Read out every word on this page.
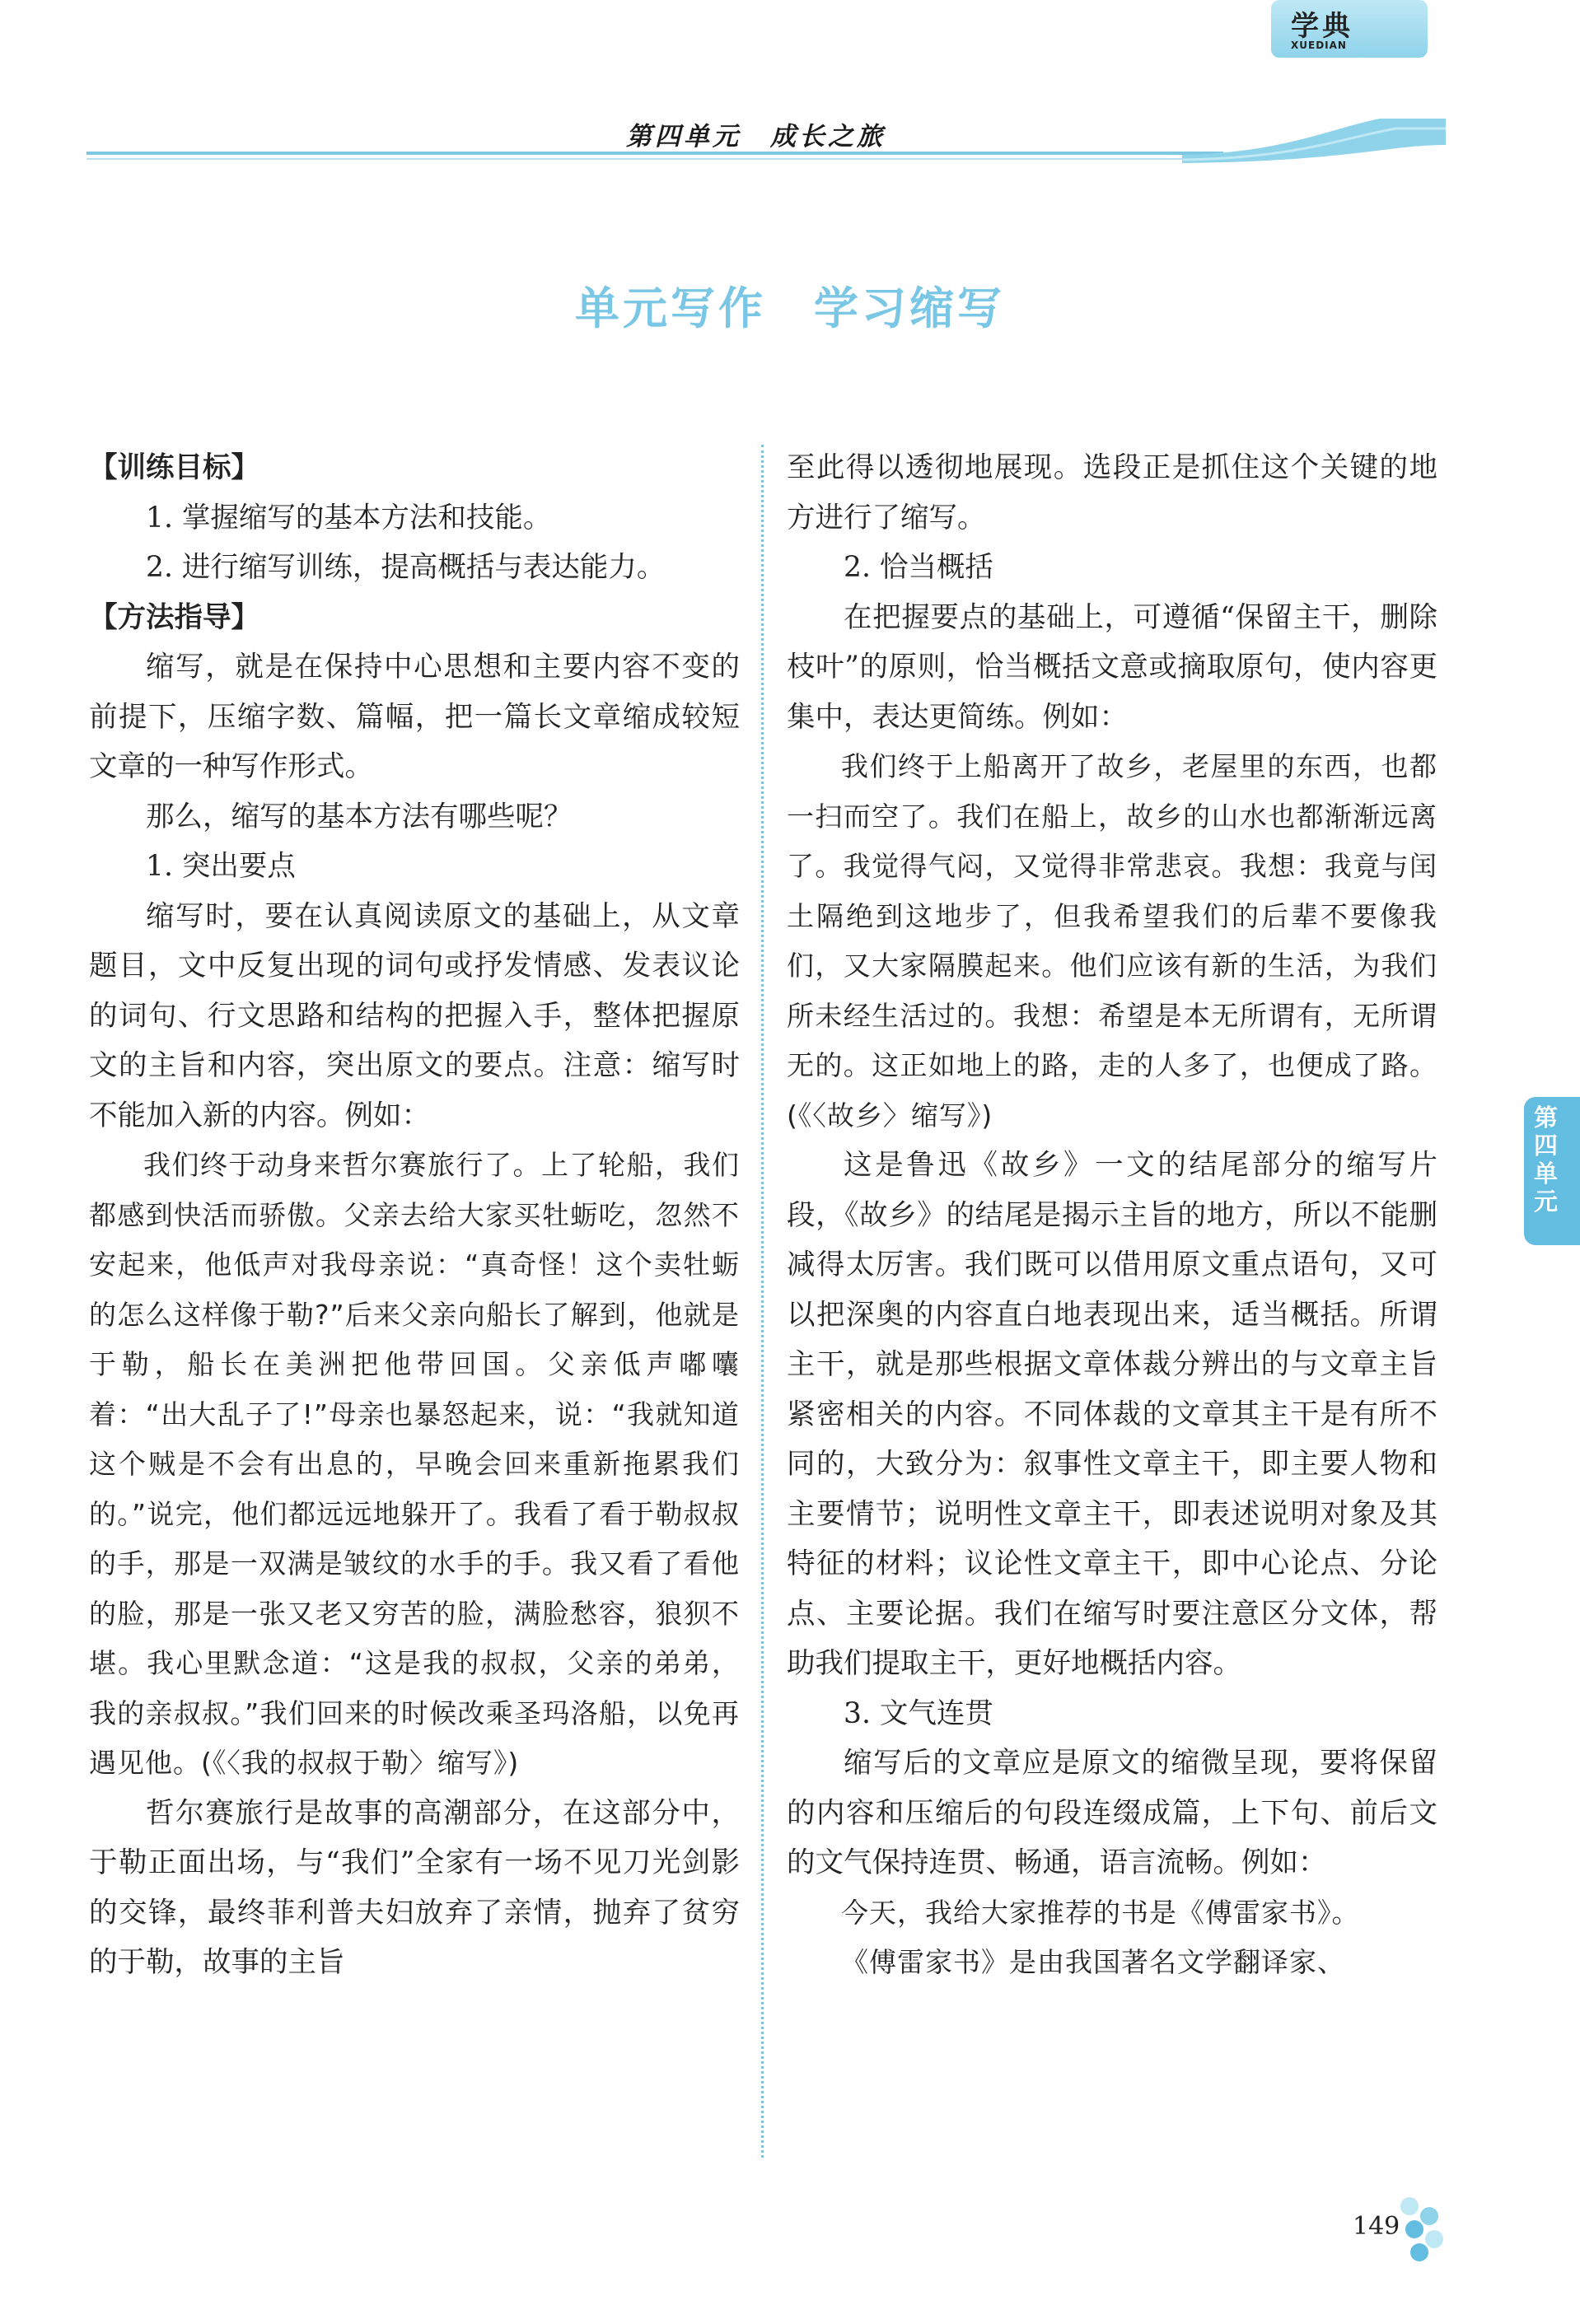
第四单元　成长之旅
学典
XUEDIAN
单元写作　学习缩写

【训练目标】

1. 掌握缩写的基本方法和技能。

2. 进行缩写训练，提高概括与表达能力。

【方法指导】

缩写，就是在保持中心思想和主要内容不变的前提下，压缩字数、篇幅，把一篇长文章缩成较短文章的一种写作形式。

那么，缩写的基本方法有哪些呢？

1. 突出要点

缩写时，要在认真阅读原文的基础上，从文章题目，文中反复出现的词句或抒发情感、发表议论的词句、行文思路和结构的把握入手，整体把握原文的主旨和内容，突出原文的要点。注意：缩写时不能加入新的内容。例如：

我们终于动身来哲尔赛旅行了。上了轮船，我们都感到快活而骄傲。父亲去给大家买牡蛎吃，忽然不安起来，他低声对我母亲说：“真奇怪！这个卖牡蛎的怎么这样像于勒?”后来父亲向船长了解到，他就是于勒，船长在美洲把他带回国。父亲低声嘟囔着：“出大乱子了!”母亲也暴怒起来，说：“我就知道这个贼是不会有出息的，早晚会回来重新拖累我们的。”说完，他们都远远地躲开了。我看了看于勒叔叔的手，那是一双满是皱纹的水手的手。我又看了看他的脸，那是一张又老又穷苦的脸，满脸愁容，狼狈不堪。我心里默念道：“这是我的叔叔，父亲的弟弟，我的亲叔叔。”我们回来的时候改乘圣玛洛船，以免再遇见他。(《〈我的叔叔于勒〉缩写》)

哲尔赛旅行是故事的高潮部分，在这部分中，于勒正面出场，与“我们”全家有一场不见刀光剑影的交锋，最终菲利普夫妇放弃了亲情，抛弃了贫穷的于勒，故事的主旨

至此得以透彻地展现。选段正是抓住这个关键的地方进行了缩写。

2. 恰当概括

在把握要点的基础上，可遵循“保留主干，删除枝叶”的原则，恰当概括文意或摘取原句，使内容更集中，表达更简练。例如：

我们终于上船离开了故乡，老屋里的东西，也都一扫而空了。我们在船上，故乡的山水也都渐渐远离了。我觉得气闷，又觉得非常悲哀。我想：我竟与闰土隔绝到这地步了，但我希望我们的后辈不要像我们，又大家隔膜起来。他们应该有新的生活，为我们所未经生活过的。我想：希望是本无所谓有，无所谓无的。这正如地上的路，走的人多了，也便成了路。(《〈故乡〉缩写》)

这是鲁迅《故乡》一文的结尾部分的缩写片段，《故乡》的结尾是揭示主旨的地方，所以不能删减得太厉害。我们既可以借用原文重点语句，又可以把深奥的内容直白地表现出来，适当概括。所谓主干，就是那些根据文章体裁分辨出的与文章主旨紧密相关的内容。不同体裁的文章其主干是有所不同的，大致分为：叙事性文章主干，即主要人物和主要情节；说明性文章主干，即表述说明对象及其特征的材料；议论性文章主干，即中心论点、分论点、主要论据。我们在缩写时要注意区分文体，帮助我们提取主干，更好地概括内容。

3. 文气连贯

缩写后的文章应是原文的缩微呈现，要将保留的内容和压缩后的句段连缀成篇，上下句、前后文的文气保持连贯、畅通，语言流畅。例如：

今天，我给大家推荐的书是《傅雷家书》。

《傅雷家书》是由我国著名文学翻译家、

第四单元
149
